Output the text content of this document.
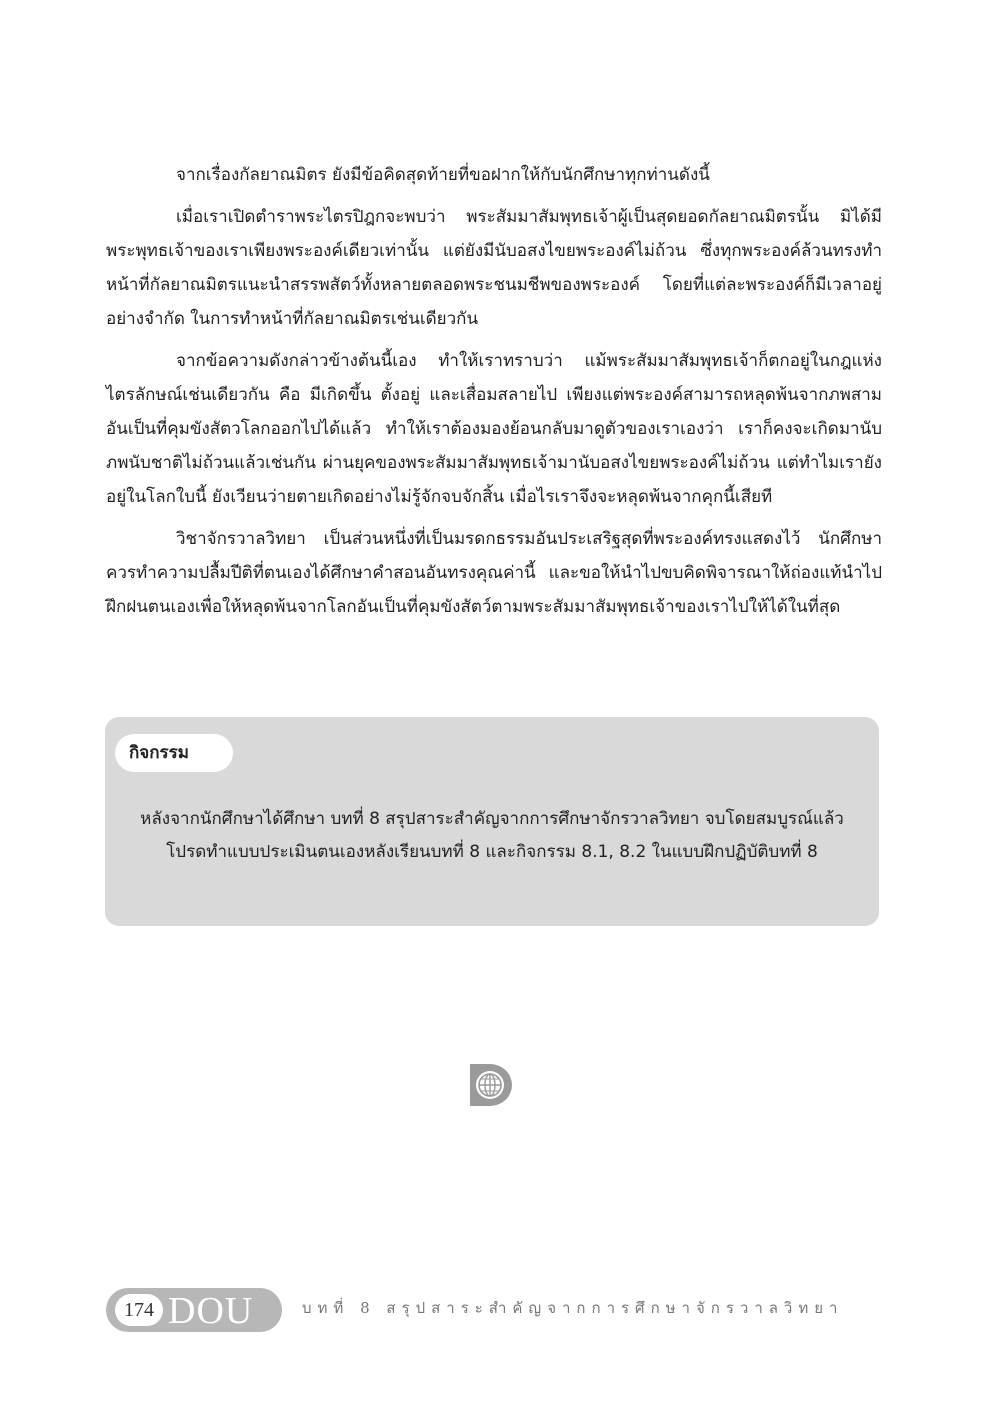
จากเรื่องกัลยาณมิตร ยังมีข้อคิดสุดท้ายที่ขอฝากให้กับนักศึกษาทุกท่านดังนี้

เมื่อเราเปิดตำราพระไตรปิฎกจะพบว่า พระสัมมาสัมพุทธเจ้าผู้เป็นสุดยอดกัลยาณมิตรนั้น มิได้มีพระพุทธเจ้าของเราเพียงพระองค์เดียวเท่านั้น แต่ยังมีนับอสงไขยพระองค์ไม่ถ้วน ซึ่งทุกพระองค์ล้วนทรงทำหน้าที่กัลยาณมิตรแนะนำสรรพสัตว์ทั้งหลายตลอดพระชนมชีพของพระองค์ โดยที่แต่ละพระองค์ก็มีเวลาอยู่อย่างจำกัด ในการทำหน้าที่กัลยาณมิตรเช่นเดียวกัน

จากข้อความดังกล่าวข้างต้นนี้เอง ทำให้เราทราบว่า แม้พระสัมมาสัมพุทธเจ้าก็ตกอยู่ในกฎแห่งไตรลักษณ์เช่นเดียวกัน คือ มีเกิดขึ้น ตั้งอยู่ และเสื่อมสลายไป เพียงแต่พระองค์สามารถหลุดพ้นจากภพสามอันเป็นที่คุมขังสัตวโลกออกไปได้แล้ว ทำให้เราต้องมองย้อนกลับมาดูตัวของเราเองว่า เราก็คงจะเกิดมานับภพนับชาติไม่ถ้วนแล้วเช่นกัน ผ่านยุคของพระสัมมาสัมพุทธเจ้ามานับอสงไขยพระองค์ไม่ถ้วน แต่ทำไมเรายังอยู่ในโลกใบนี้ ยังเวียนว่ายตายเกิดอย่างไม่รู้จักจบจักสิ้น เมื่อไรเราจึงจะหลุดพ้นจากคุกนี้เสียที

วิชาจักรวาลวิทยา เป็นส่วนหนึ่งที่เป็นมรดกธรรมอันประเสริฐสุดที่พระองค์ทรงแสดงไว้ นักศึกษาควรทำความปลื้มปีติที่ตนเองได้ศึกษาคำสอนอันทรงคุณค่านี้ และขอให้นำไปขบคิดพิจารณาให้ถ่องแท้นำไปฝึกฝนตนเองเพื่อให้หลุดพ้นจากโลกอันเป็นที่คุมขังสัตว์ตามพระสัมมาสัมพุทธเจ้าของเราไปให้ได้ในที่สุด

กิจกรรม
หลังจากนักศึกษาได้ศึกษา บทที่ 8 สรุปสาระสำคัญจากการศึกษาจักรวาลวิทยา จบโดยสมบูรณ์แล้ว
โปรดทำแบบประเมินตนเองหลังเรียนบทที่ 8 และกิจกรรม 8.1, 8.2 ในแบบฝึกปฏิบัติบทที่ 8
174 DOU	บทที่ 8 สรุปสาระสำคัญจากการศึกษาจักรวาลวิทยา
